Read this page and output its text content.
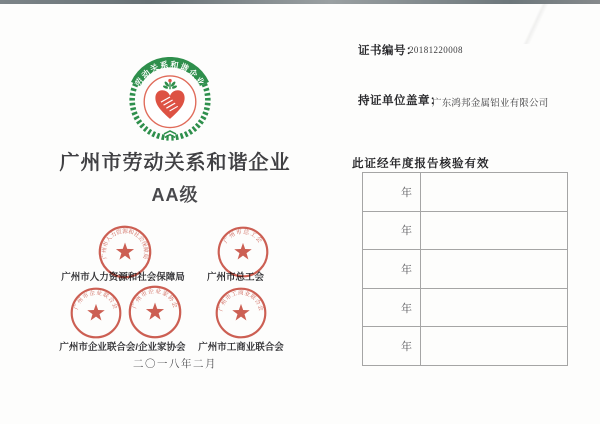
劳动关系和谐企业
广州市劳动关系和谐企业
AA级
广州市人力资源和社会保障局	广州市总工会
广州市企业联合会/企业家协会	广州市工商业联合会
广州市人力资源和社会保障局
广州市总工会
广州市企业联合会 广州市企业家协会	广州市工商业联合会
二〇一八年二月
证书编号：
20181220008
持证单位盖章：
广东鸿邦金属铝业有限公司
此证经年度报告核验有效
年	
年	
年	
年	
年	
